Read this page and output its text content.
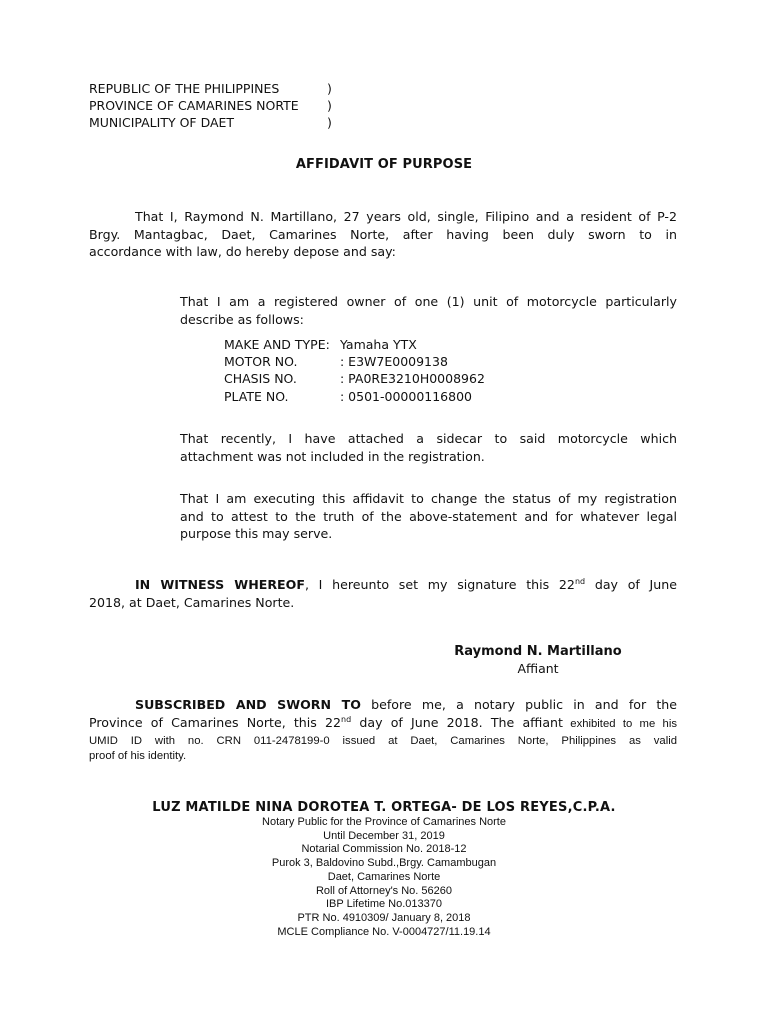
REPUBLIC OF THE PHILIPPINES	)
PROVINCE OF CAMARINES NORTE	)
MUNICIPALITY OF DAET	)
AFFIDAVIT OF PURPOSE
That I, Raymond N. Martillano, 27 years old, single, Filipino and a resident of P-2
Brgy. Mantagbac, Daet, Camarines Norte, after having been duly sworn to in
accordance with law, do hereby depose and say:
That I am a registered owner of one (1) unit of motorcycle particularly
describe as follows:
MAKE AND TYPE: Yamaha YTX
MOTOR NO.	: E3W7E0009138
CHASIS NO.	: PA0RE3210H0008962
PLATE NO.	: 0501-00000116800
That recently, I have attached a sidecar to said motorcycle which
attachment was not included in the registration.
That I am executing this affidavit to change the status of my registration
and to attest to the truth of the above-statement and for whatever legal
purpose this may serve.
IN WITNESS WHEREOF, I hereunto set my signature this 22nd day of June
2018, at Daet, Camarines Norte.
Raymond N. Martillano
Affiant
SUBSCRIBED AND SWORN TO before me, a notary public in and for the
Province of Camarines Norte, this 22nd day of June 2018. The affiant exhibited to me his
UMID ID with no. CRN 011-2478199-0 issued at Daet, Camarines Norte, Philippines as valid
proof of his identity.
LUZ MATILDE NINA DOROTEA T. ORTEGA- DE LOS REYES,C.P.A.
Notary Public for the Province of Camarines Norte
Until December 31, 2019
Notarial Commission No. 2018-12
Purok 3, Baldovino Subd.,Brgy. Camambugan
Daet, Camarines Norte
Roll of Attorney's No. 56260
IBP Lifetime No.013370
PTR No. 4910309/ January 8, 2018
MCLE Compliance No. V-0004727/11.19.14
